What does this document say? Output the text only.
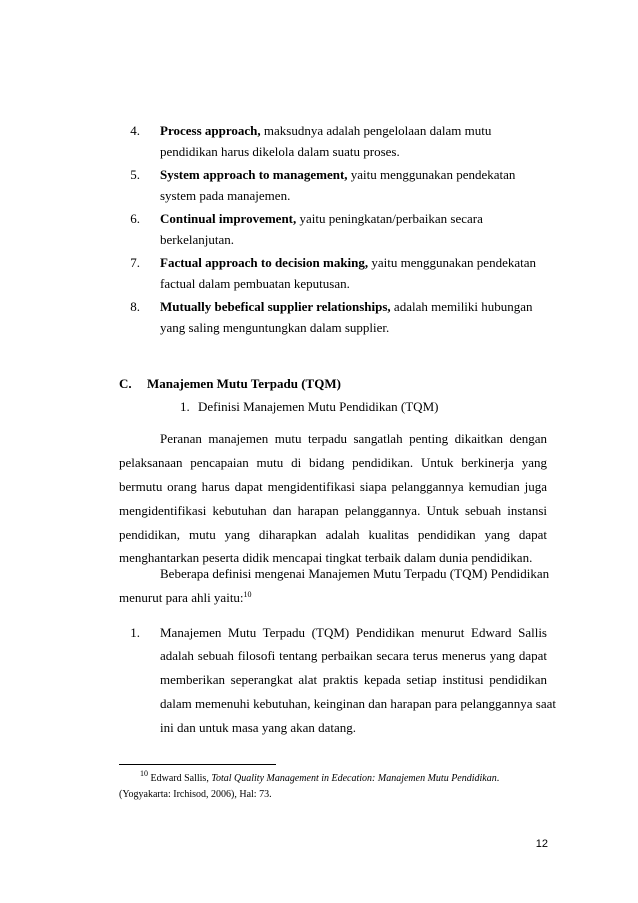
4. Process approach, maksudnya adalah pengelolaan dalam mutu
pendidikan harus dikelola dalam suatu proses.
5. System approach to management, yaitu menggunakan pendekatan
system pada manajemen.
6. Continual improvement, yaitu peningkatan/perbaikan secara
berkelanjutan.
7. Factual approach to decision making, yaitu menggunakan pendekatan
factual dalam pembuatan keputusan.
8. Mutually bebefical supplier relationships, adalah memiliki hubungan
yang saling menguntungkan dalam supplier.
C. Manajemen Mutu Terpadu (TQM)
1. Definisi Manajemen Mutu Pendidikan (TQM)
Peranan manajemen mutu terpadu sangatlah penting dikaitkan dengan
pelaksanaan pencapaian mutu di bidang pendidikan. Untuk berkinerja yang
bermutu orang harus dapat mengidentifikasi siapa pelanggannya kemudian juga
mengidentifikasi kebutuhan dan harapan pelanggannya. Untuk sebuah instansi
pendidikan, mutu yang diharapkan adalah kualitas pendidikan yang dapat
menghantarkan peserta didik mencapai tingkat terbaik dalam dunia pendidikan.
Beberapa definisi mengenai Manajemen Mutu Terpadu (TQM) Pendidikan
menurut para ahli yaitu:$^{10}$
1. Manajemen Mutu Terpadu (TQM) Pendidikan menurut Edward Sallis
adalah sebuah filosofi tentang perbaikan secara terus menerus yang dapat
memberikan seperangkat alat praktis kepada setiap institusi pendidikan
dalam memenuhi kebutuhan, keinginan dan harapan para pelanggannya saat
ini dan untuk masa yang akan datang.
$^{10}$ Edward Sallis, Total Quality Management in Edecation: Manajemen Mutu Pendidikan.
(Yogyakarta: Irchisod, 2006), Hal: 73.
12
